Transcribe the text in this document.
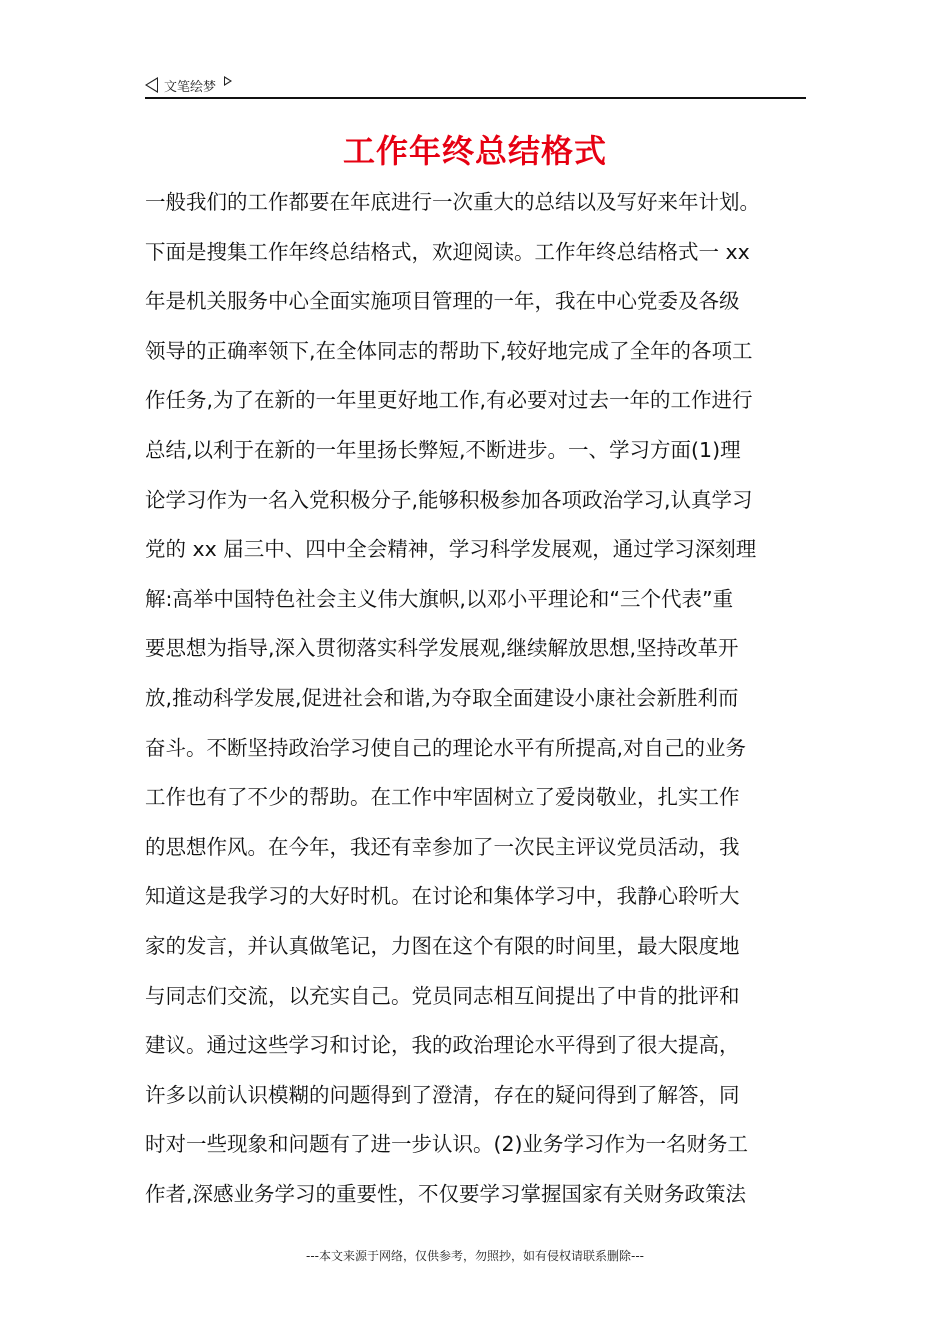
文笔绘梦
工作年终总结格式
一般我们的工作都要在年底进行一次重大的总结以及写好来年计划。
下面是搜集工作年终总结格式，欢迎阅读。工作年终总结格式一 xx
年是机关服务中心全面实施项目管理的一年，我在中心党委及各级
领导的正确率领下,在全体同志的帮助下,较好地完成了全年的各项工
作任务,为了在新的一年里更好地工作,有必要对过去一年的工作进行
总结,以利于在新的一年里扬长弊短,不断进步。一、学习方面(1)理
论学习作为一名入党积极分子,能够积极参加各项政治学习,认真学习
党的 xx 届三中、四中全会精神，学习科学发展观，通过学习深刻理
解:高举中国特色社会主义伟大旗帜,以邓小平理论和“三个代表”重
要思想为指导,深入贯彻落实科学发展观,继续解放思想,坚持改革开
放,推动科学发展,促进社会和谐,为夺取全面建设小康社会新胜利而
奋斗。不断坚持政治学习使自己的理论水平有所提高,对自己的业务
工作也有了不少的帮助。在工作中牢固树立了爱岗敬业，扎实工作
的思想作风。在今年，我还有幸参加了一次民主评议党员活动，我
知道这是我学习的大好时机。在讨论和集体学习中，我静心聆听大
家的发言，并认真做笔记，力图在这个有限的时间里，最大限度地
与同志们交流，以充实自己。党员同志相互间提出了中肯的批评和
建议。通过这些学习和讨论，我的政治理论水平得到了很大提高，
许多以前认识模糊的问题得到了澄清，存在的疑问得到了解答，同
时对一些现象和问题有了进一步认识。(2)业务学习作为一名财务工
作者,深感业务学习的重要性，不仅要学习掌握国家有关财务政策法
---本文来源于网络，仅供参考，勿照抄，如有侵权请联系删除---
